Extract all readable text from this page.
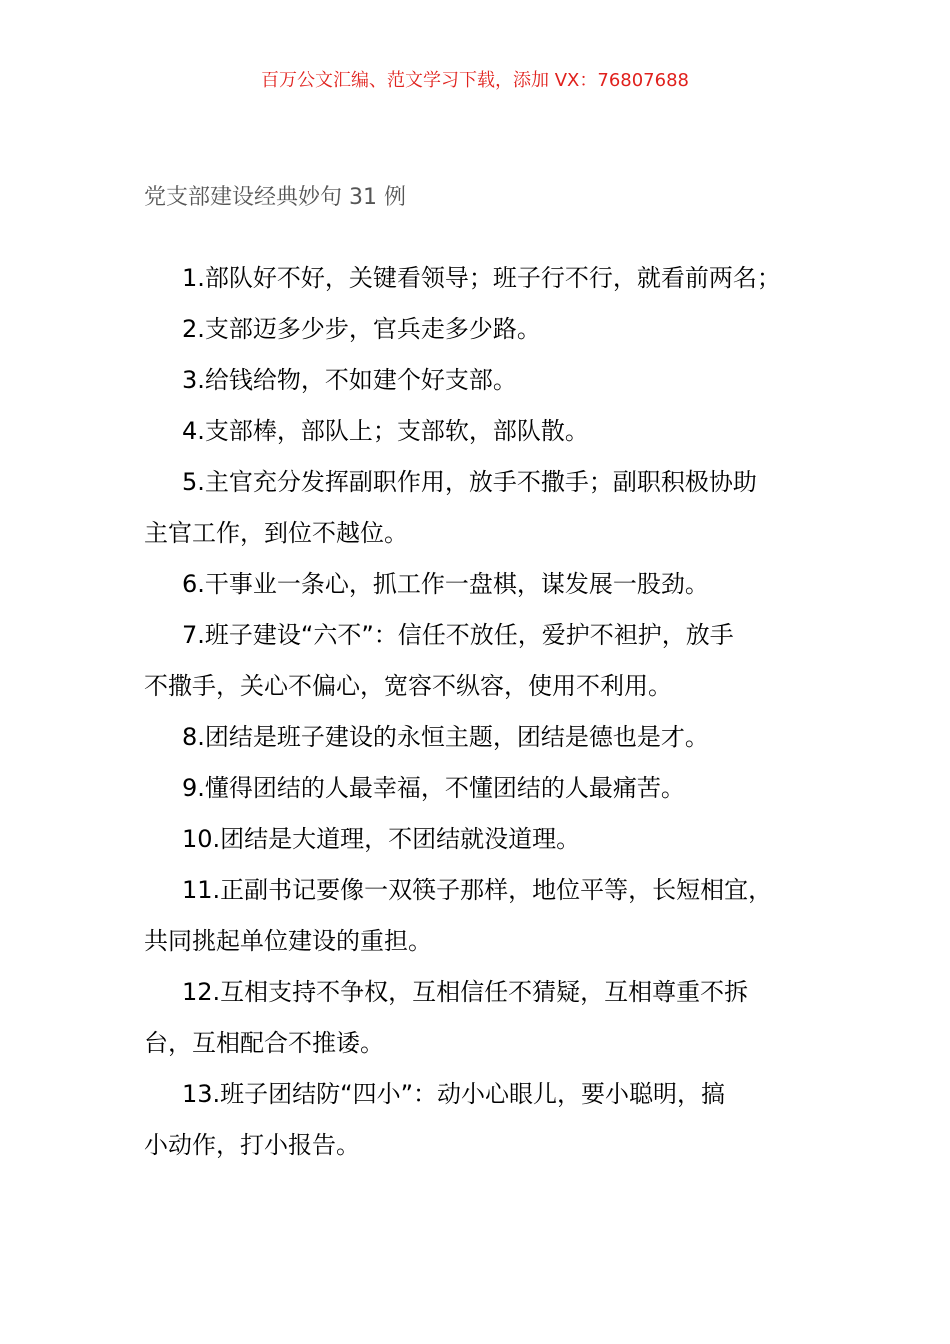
百万公文汇编、范文学习下载，添加 VX：76807688
党支部建设经典妙句 31 例

1.部队好不好，关键看领导；班子行不行，就看前两名；

2.支部迈多少步，官兵走多少路。

3.给钱给物，不如建个好支部。

4.支部棒，部队上；支部软，部队散。

5.主官充分发挥副职作用，放手不撒手；副职积极协助
主官工作，到位不越位。

6.干事业一条心，抓工作一盘棋，谋发展一股劲。

7.班子建设“六不”：信任不放任，爱护不袒护，放手
不撒手，关心不偏心，宽容不纵容，使用不利用。

8.团结是班子建设的永恒主题，团结是德也是才。

9.懂得团结的人最幸福，不懂团结的人最痛苦。

10.团结是大道理，不团结就没道理。

11.正副书记要像一双筷子那样，地位平等，长短相宜，
共同挑起单位建设的重担。

12.互相支持不争权，互相信任不猜疑，互相尊重不拆
台，互相配合不推诿。

13.班子团结防“四小”：动小心眼儿，要小聪明，搞
小动作，打小报告。
